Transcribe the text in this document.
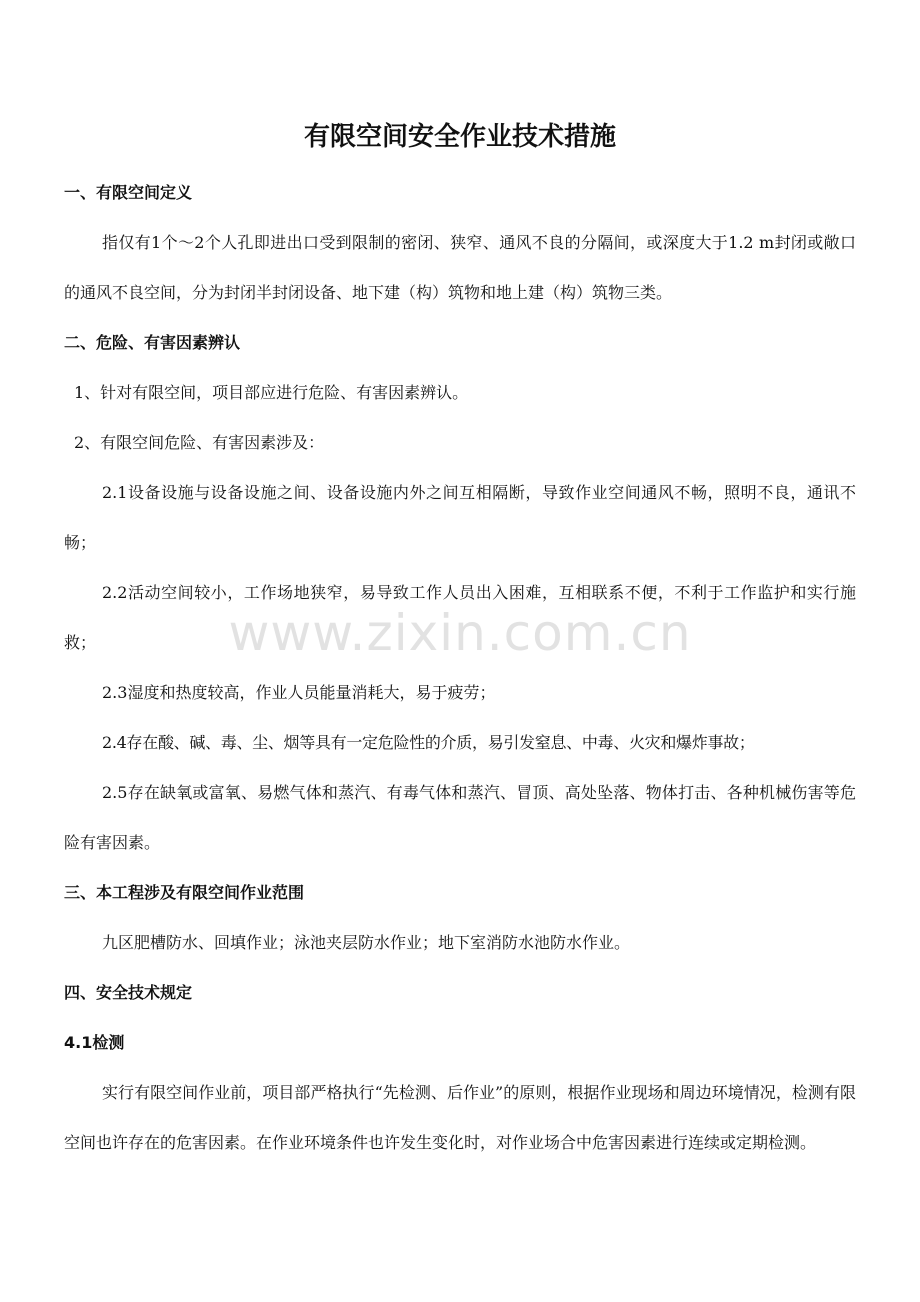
www.zixin.com.cn
有限空间安全作业技术措施

一、有限空间定义

指仅有1个～2个人孔即进出口受到限制的密闭、狭窄、通风不良的分隔间，或深度大于1.2 m封闭或敞口的通风不良空间，分为封闭半封闭设备、地下建（构）筑物和地上建（构）筑物三类。

二、危险、有害因素辨认

1、针对有限空间，项目部应进行危险、有害因素辨认。

2、有限空间危险、有害因素涉及：

2.1设备设施与设备设施之间、设备设施内外之间互相隔断，导致作业空间通风不畅，照明不良，通讯不畅；

2.2活动空间较小，工作场地狭窄，易导致工作人员出入困难，互相联系不便，不利于工作监护和实行施救；

2.3湿度和热度较高，作业人员能量消耗大，易于疲劳；

2.4存在酸、碱、毒、尘、烟等具有一定危险性的介质，易引发窒息、中毒、火灾和爆炸事故；

2.5存在缺氧或富氧、易燃气体和蒸汽、有毒气体和蒸汽、冒顶、高处坠落、物体打击、各种机械伤害等危险有害因素。

三、本工程涉及有限空间作业范围

九区肥槽防水、回填作业；泳池夹层防水作业；地下室消防水池防水作业。

四、安全技术规定

4.1检测

实行有限空间作业前，项目部严格执行“先检测、后作业”的原则，根据作业现场和周边环境情况，检测有限空间也许存在的危害因素。在作业环境条件也许发生变化时，对作业场合中危害因素进行连续或定期检测。
